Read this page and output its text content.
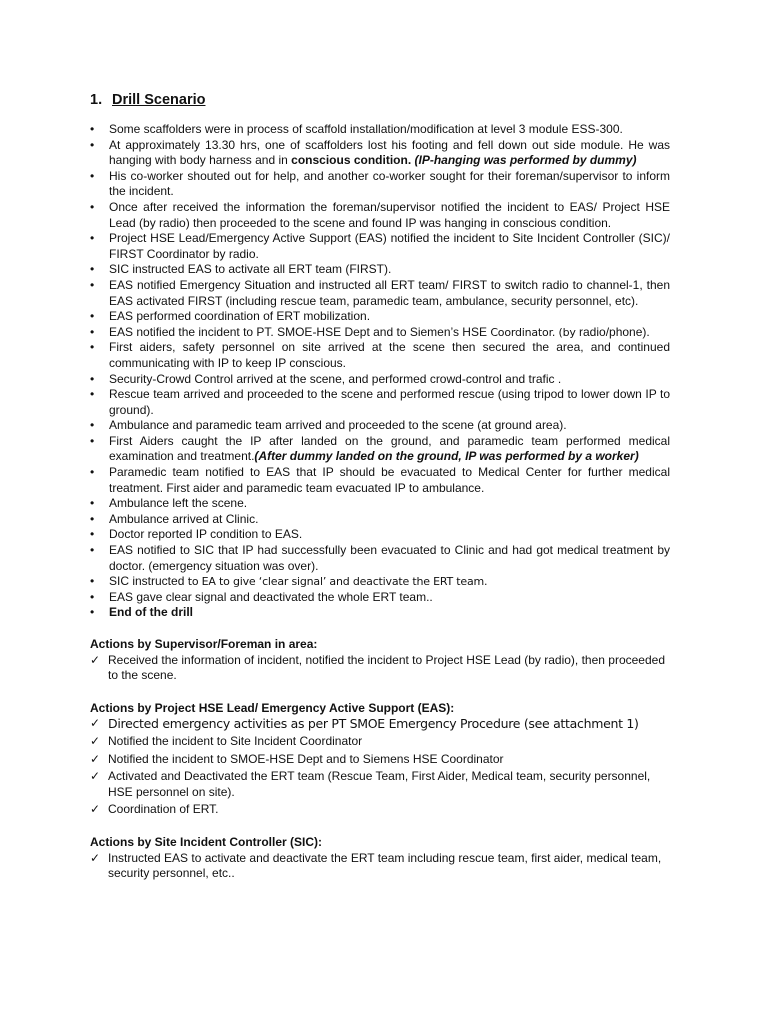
1. Drill Scenario
• Some scaffolders were in process of scaffold installation/modification at level 3 module ESS-300.
• At approximately 13.30 hrs, one of scaffolders lost his footing and fell down out side module. He was hanging with body harness and in conscious condition. (IP-hanging was performed by dummy)
• His co-worker shouted out for help, and another co-worker sought for their foreman/supervisor to inform the incident.
• Once after received the information the foreman/supervisor notified the incident to EAS/ Project HSE Lead (by radio) then proceeded to the scene and found IP was hanging in conscious condition.
• Project HSE Lead/Emergency Active Support (EAS) notified the incident to Site Incident Controller (SIC)/ FIRST Coordinator by radio.
• SIC instructed EAS to activate all ERT team (FIRST).
• EAS notified Emergency Situation and instructed all ERT team/ FIRST to switch radio to channel-1, then EAS activated FIRST (including rescue team, paramedic team, ambulance, security personnel, etc).
• EAS performed coordination of ERT mobilization.
• EAS notified the incident to PT. SMOE-HSE Dept and to Siemen’s HSE Coordinator. (by radio/phone).
• First aiders, safety personnel on site arrived at the scene then secured the area, and continued communicating with IP to keep IP conscious.
• Security-Crowd Control arrived at the scene, and performed crowd-control and trafic .
• Rescue team arrived and proceeded to the scene and performed rescue (using tripod to lower down IP to ground).
• Ambulance and paramedic team arrived and proceeded to the scene (at ground area).
• First Aiders caught the IP after landed on the ground, and paramedic team performed medical examination and treatment.(After dummy landed on the ground, IP was performed by a worker)
• Paramedic team notified to EAS that IP should be evacuated to Medical Center for further medical treatment. First aider and paramedic team evacuated IP to ambulance.
• Ambulance left the scene.
• Ambulance arrived at Clinic.
• Doctor reported IP condition to EAS.
• EAS notified to SIC that IP had successfully been evacuated to Clinic and had got medical treatment by doctor. (emergency situation was over).
• SIC instructed to EA to give ‘clear signal’ and deactivate the ERT team.
• EAS gave clear signal and deactivated the whole ERT team..
• End of the drill

Actions by Supervisor/Foreman in area:

✓ Received the information of incident, notified the incident to Project HSE Lead (by radio), then proceeded to the scene.

Actions by Project HSE Lead/ Emergency Active Support (EAS):

✓ Directed emergency activities as per PT SMOE Emergency Procedure (see attachment 1)
✓ Notified the incident to Site Incident Coordinator
✓ Notified the incident to SMOE-HSE Dept and to Siemens HSE Coordinator
✓ Activated and Deactivated the ERT team (Rescue Team, First Aider, Medical team, security personnel, HSE personnel on site).
✓ Coordination of ERT.

Actions by Site Incident Controller (SIC):

✓ Instructed EAS to activate and deactivate the ERT team including rescue team, first aider, medical team, security personnel, etc..
